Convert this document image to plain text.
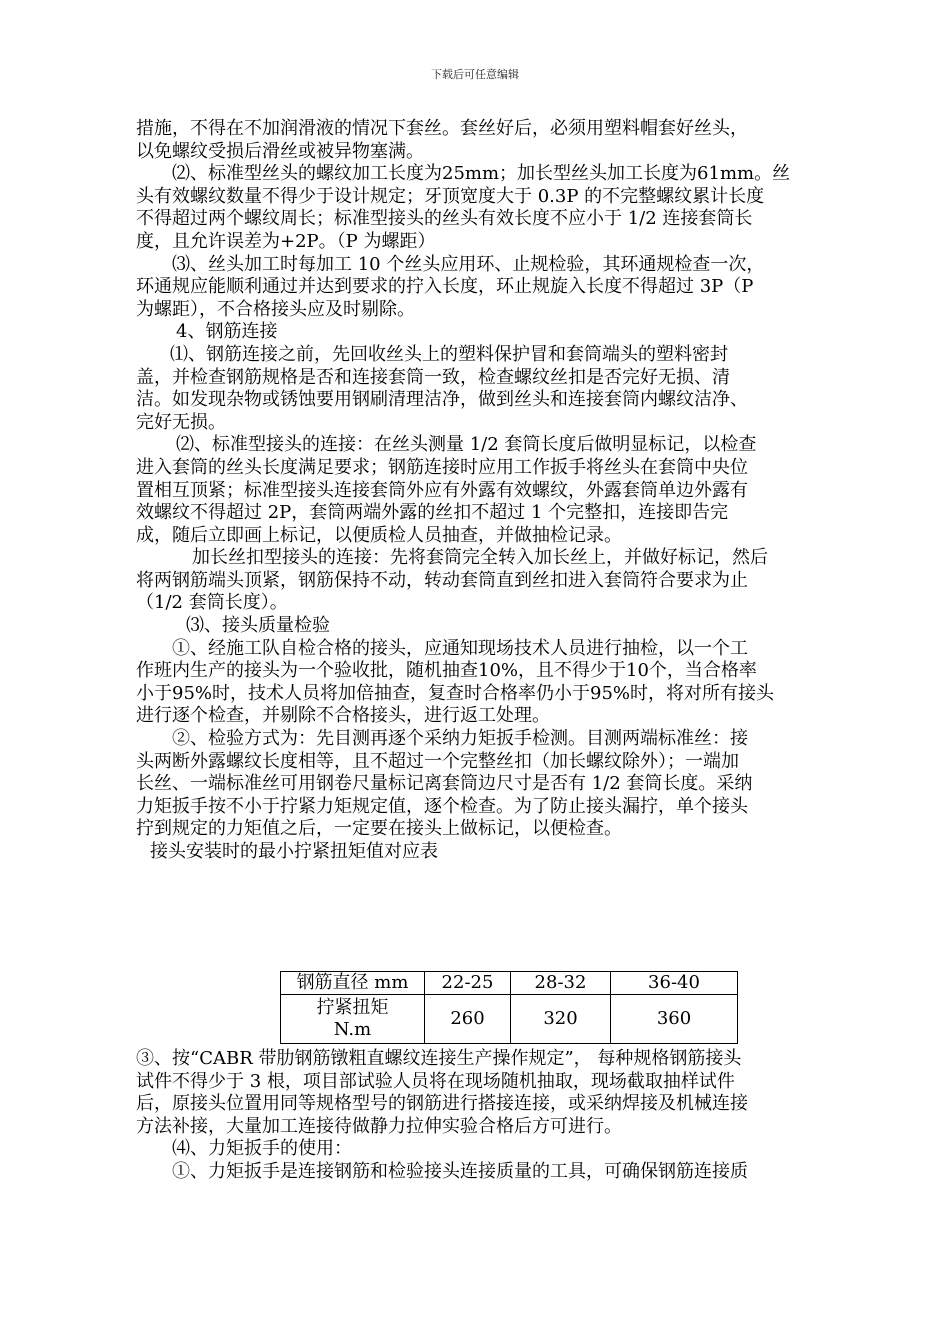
下载后可任意编辑

措施，不得在不加润滑液的情况下套丝。套丝好后，必须用塑料帽套好丝头，

以免螺纹受损后滑丝或被异物塞满。

⑵、标准型丝头的螺纹加工长度为25mm；加长型丝头加工长度为61mm。丝

头有效螺纹数量不得少于设计规定；牙顶宽度大于 0.3P 的不完整螺纹累计长度

不得超过两个螺纹周长；标准型接头的丝头有效长度不应小于 1/2 连接套筒长

度，且允许误差为+2P。（P 为螺距）

⑶、丝头加工时每加工 10 个丝头应用环、止规检验，其环通规检查一次，

环通规应能顺利通过并达到要求的拧入长度，环止规旋入长度不得超过 3P（P

为螺距），不合格接头应及时剔除。

4、钢筋连接

⑴、钢筋连接之前，先回收丝头上的塑料保护冒和套筒端头的塑料密封

盖，并检查钢筋规格是否和连接套筒一致，检查螺纹丝扣是否完好无损、清

洁。如发现杂物或锈蚀要用钢刷清理洁净，做到丝头和连接套筒内螺纹洁净、

完好无损。

⑵、标准型接头的连接：在丝头测量 1/2 套筒长度后做明显标记，以检查

进入套筒的丝头长度满足要求；钢筋连接时应用工作扳手将丝头在套筒中央位

置相互顶紧；标准型接头连接套筒外应有外露有效螺纹，外露套筒单边外露有

效螺纹不得超过 2P，套筒两端外露的丝扣不超过 1 个完整扣，连接即告完

成，随后立即画上标记，以便质检人员抽查，并做抽检记录。

加长丝扣型接头的连接：先将套筒完全转入加长丝上，并做好标记，然后

将两钢筋端头顶紧，钢筋保持不动，转动套筒直到丝扣进入套筒符合要求为止

（1/2 套筒长度）。

⑶、接头质量检验

①、经施工队自检合格的接头，应通知现场技术人员进行抽检，以一个工

作班内生产的接头为一个验收批，随机抽查10%，且不得少于10个，当合格率

小于95%时，技术人员将加倍抽查，复查时合格率仍小于95%时，将对所有接头

进行逐个检查，并剔除不合格接头，进行返工处理。

②、检验方式为：先目测再逐个采纳力矩扳手检测。目测两端标准丝：接

头两断外露螺纹长度相等，且不超过一个完整丝扣（加长螺纹除外）；一端加

长丝、一端标准丝可用钢卷尺量标记离套筒边尺寸是否有 1/2 套筒长度。采纳

力矩扳手按不小于拧紧力矩规定值，逐个检查。为了防止接头漏拧，单个接头

拧到规定的力矩值之后，一定要在接头上做标记，以便检查。

接头安装时的最小拧紧扭矩值对应表

钢筋直径 mm	22-25	28-32	36-40

拧紧扭矩
N.m	260	320	360

③、按“CABR 带肋钢筋镦粗直螺纹连接生产操作规定”， 每种规格钢筋接头

试件不得少于 3 根，项目部试验人员将在现场随机抽取，现场截取抽样试件

后，原接头位置用同等规格型号的钢筋进行搭接连接，或采纳焊接及机械连接

方法补接，大量加工连接待做静力拉伸实验合格后方可进行。

⑷、力矩扳手的使用：

①、力矩扳手是连接钢筋和检验接头连接质量的工具，可确保钢筋连接质
